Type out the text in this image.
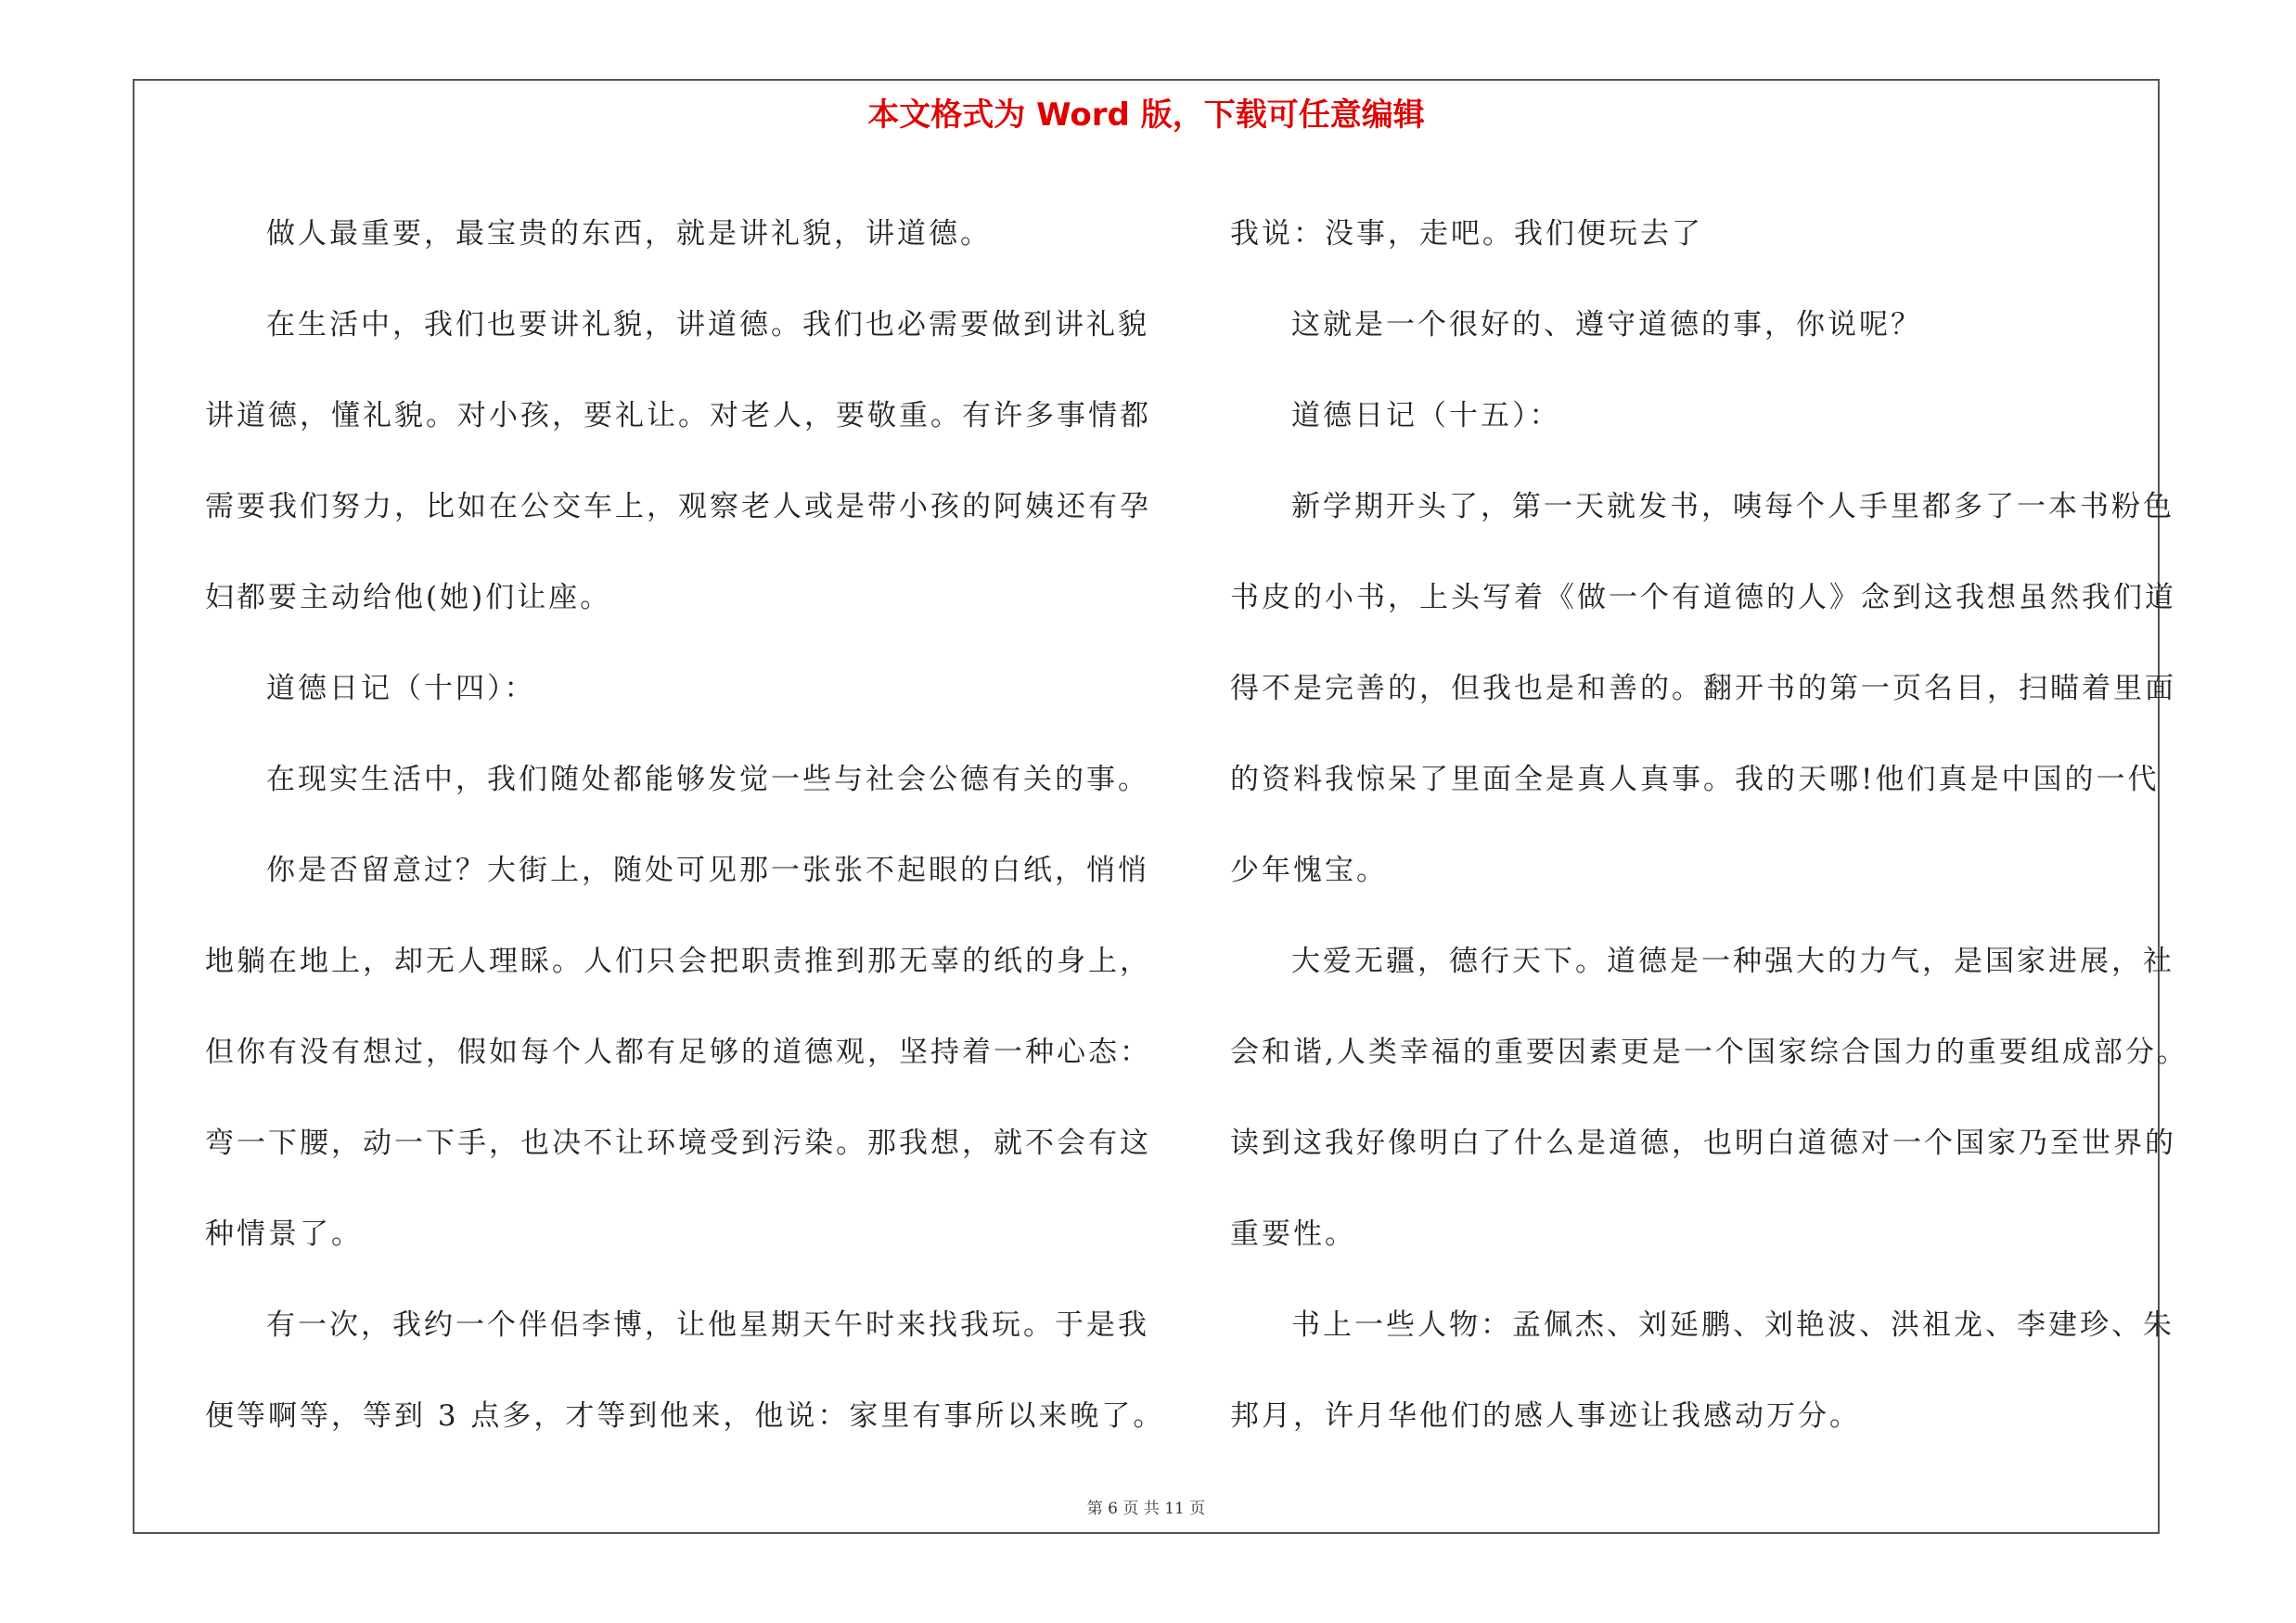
本文格式为 Word 版，下载可任意编辑

做人最重要，最宝贵的东西，就是讲礼貌，讲道德。

在生活中，我们也要讲礼貌，讲道德。我们也必需要做到讲礼貌

讲道德，懂礼貌。对小孩，要礼让。对老人，要敬重。有许多事情都

需要我们努力，比如在公交车上，观察老人或是带小孩的阿姨还有孕

妇都要主动给他(她)们让座。

道德日记（十四）：

在现实生活中，我们随处都能够发觉一些与社会公德有关的事。

你是否留意过？大街上，随处可见那一张张不起眼的白纸，悄悄

地躺在地上，却无人理睬。人们只会把职责推到那无辜的纸的身上，

但你有没有想过，假如每个人都有足够的道德观，坚持着一种心态：

弯一下腰，动一下手，也决不让环境受到污染。那我想，就不会有这

种情景了。

有一次，我约一个伴侣李博，让他星期天午时来找我玩。于是我

便等啊等，等到 3 点多，才等到他来，他说：家里有事所以来晚了。

我说：没事，走吧。我们便玩去了

这就是一个很好的、遵守道德的事，你说呢？

道德日记（十五）：

新学期开头了，第一天就发书，咦每个人手里都多了一本书粉色

书皮的小书，上头写着《做一个有道德的人》念到这我想虽然我们道

得不是完善的，但我也是和善的。翻开书的第一页名目，扫瞄着里面

的资料我惊呆了里面全是真人真事。我的天哪!他们真是中国的一代

少年愧宝。

大爱无疆，德行天下。道德是一种强大的力气，是国家进展，社

会和谐,人类幸福的重要因素更是一个国家综合国力的重要组成部分。

读到这我好像明白了什么是道德，也明白道德对一个国家乃至世界的

重要性。

书上一些人物：孟佩杰、刘延鹏、刘艳波、洪祖龙、李建珍、朱

邦月，许月华他们的感人事迹让我感动万分。

第 6 页 共 11 页
